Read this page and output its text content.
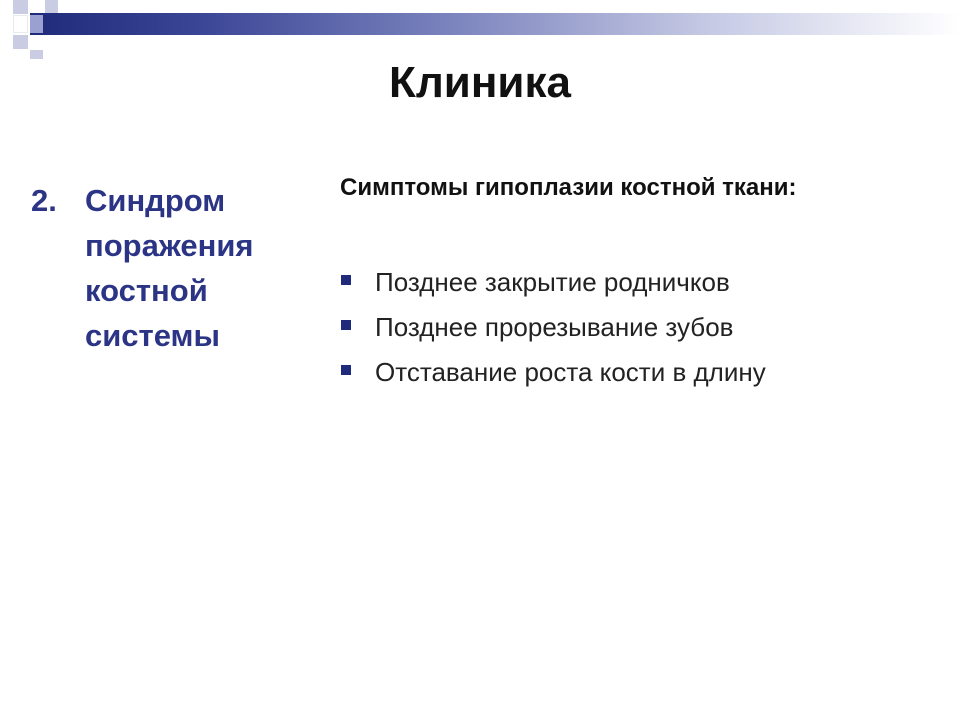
Клиника
2. Синдром
поражения
костной
системы
Симптомы гипоплазии костной ткани:
Позднее закрытие родничков
Позднее прорезывание зубов
Отставание роста кости в длину
